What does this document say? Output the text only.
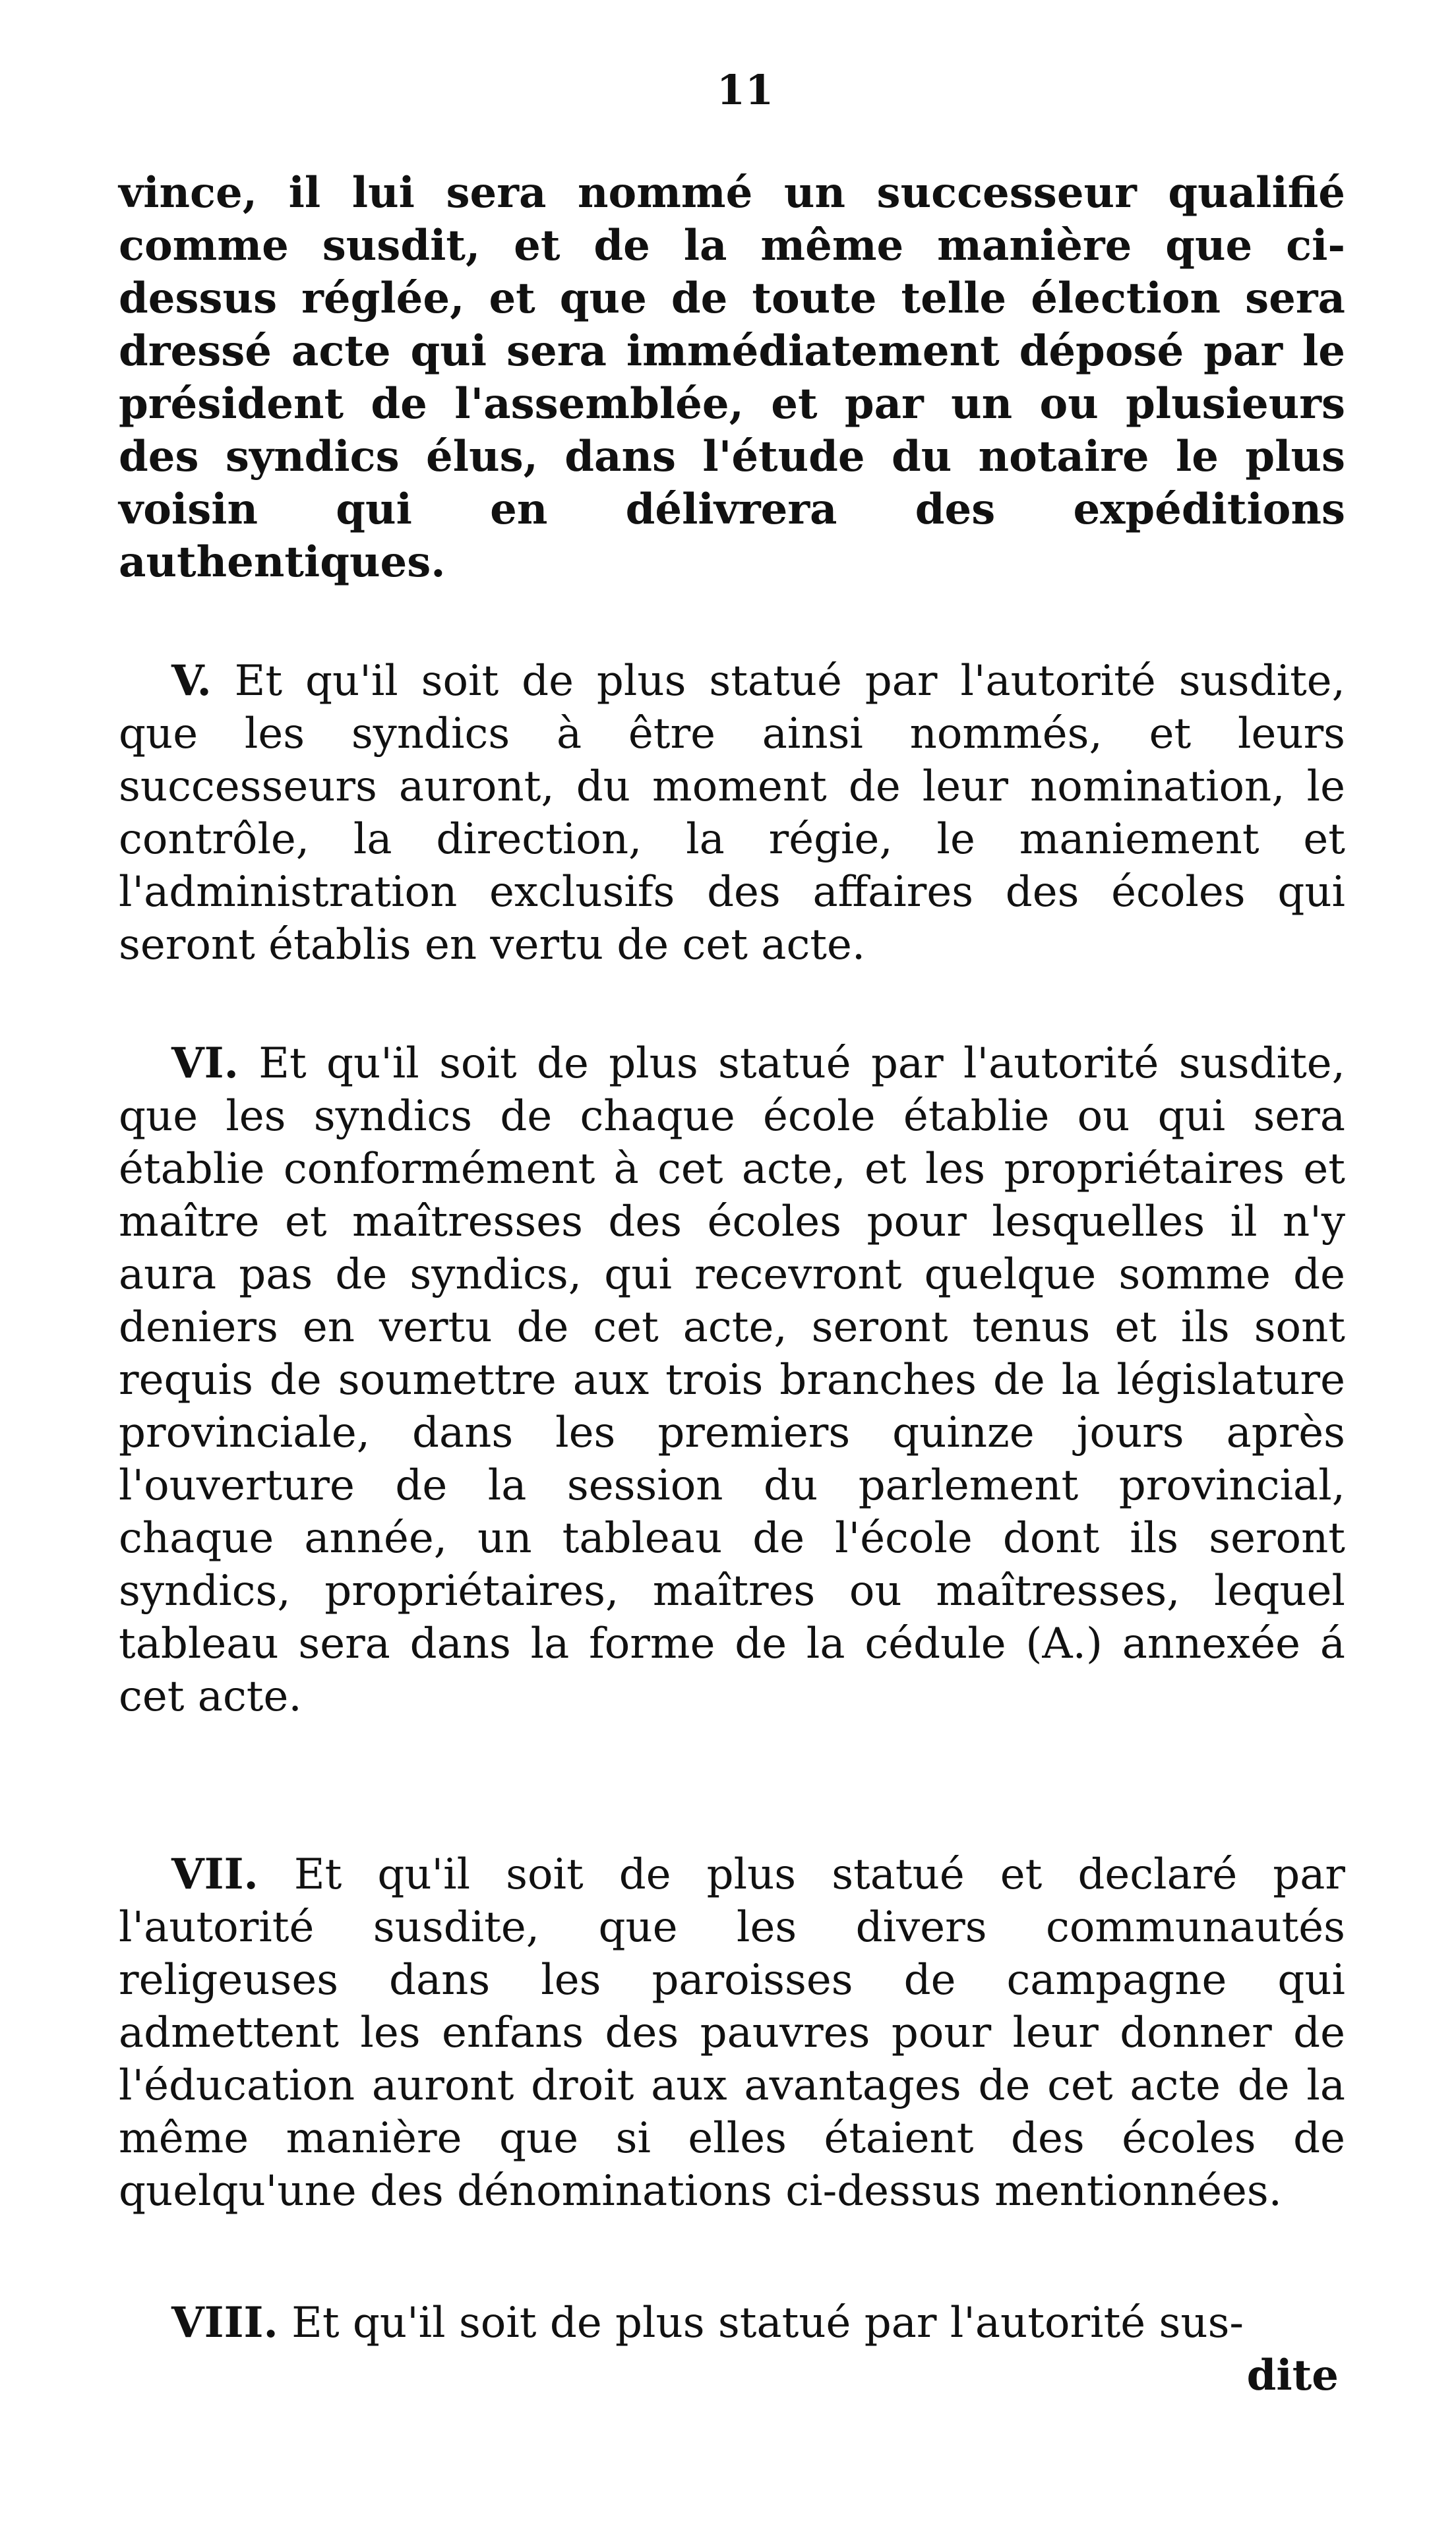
11

vince, il lui sera nommé un successeur qualifié comme susdit, et de la même manière que ci-dessus réglée, et que de toute telle élection sera dressé acte qui sera immédiatement déposé par le président de l'assemblée, et par un ou plusieurs des syndics élus, dans l'étude du notaire le plus voisin qui en délivrera des expéditions authentiques.

V. Et qu'il soit de plus statué par l'autorité susdite, que les syndics à être ainsi nommés, et leurs successeurs auront, du moment de leur nomination, le contrôle, la direction, la régie, le maniement et l'administration exclusifs des affaires des écoles qui seront établis en vertu de cet acte.

VI. Et qu'il soit de plus statué par l'autorité susdite, que les syndics de chaque école établie ou qui sera établie conformément à cet acte, et les propriétaires et maître et maîtresses des écoles pour lesquelles il n'y aura pas de syndics, qui recevront quelque somme de deniers en vertu de cet acte, seront tenus et ils sont requis de soumettre aux trois branches de la législature provinciale, dans les premiers quinze jours après l'ouverture de la session du parlement provincial, chaque année, un tableau de l'école dont ils seront syndics, propriétaires, maîtres ou maîtresses, lequel tableau sera dans la forme de la cédule (A.) annexée á cet acte.

VII. Et qu'il soit de plus statué et declaré par l'autorité susdite, que les divers communautés religeuses dans les paroisses de campagne qui admettent les enfans des pauvres pour leur donner de l'éducation auront droit aux avantages de cet acte de la même manière que si elles étaient des écoles de quelqu'une des dénominations ci-dessus mentionnées.

VIII. Et qu'il soit de plus statué par l'autorité sus-

dite
